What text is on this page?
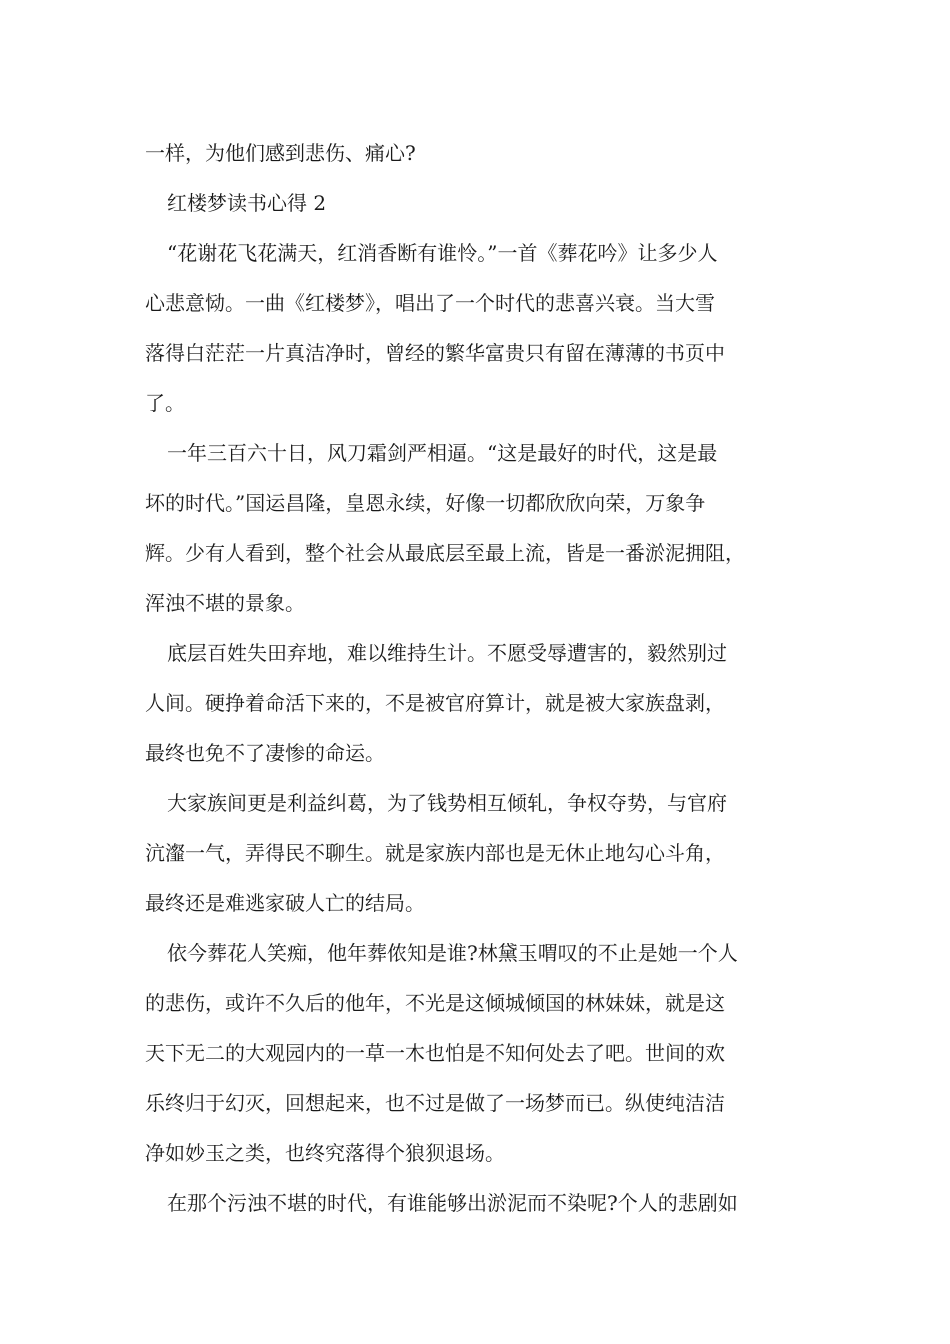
一样，为他们感到悲伤、痛心?
红楼梦读书心得 2
“花谢花飞花满天，红消香断有谁怜。”一首《葬花吟》让多少人
心悲意恸。一曲《红楼梦》，唱出了一个时代的悲喜兴衰。当大雪
落得白茫茫一片真洁净时，曾经的繁华富贵只有留在薄薄的书页中
了。
一年三百六十日，风刀霜剑严相逼。“这是最好的时代，这是最
坏的时代。”国运昌隆，皇恩永续，好像一切都欣欣向荣，万象争
辉。少有人看到，整个社会从最底层至最上流，皆是一番淤泥拥阻，
浑浊不堪的景象。
底层百姓失田弃地，难以维持生计。不愿受辱遭害的，毅然别过
人间。硬挣着命活下来的，不是被官府算计，就是被大家族盘剥，
最终也免不了凄惨的命运。
大家族间更是利益纠葛，为了钱势相互倾轧，争权夺势，与官府
沆瀣一气，弄得民不聊生。就是家族内部也是无休止地勾心斗角，
最终还是难逃家破人亡的结局。
依今葬花人笑痴，他年葬侬知是谁?林黛玉喟叹的不止是她一个人
的悲伤，或许不久后的他年，不光是这倾城倾国的林妹妹，就是这
天下无二的大观园内的一草一木也怕是不知何处去了吧。世间的欢
乐终归于幻灭，回想起来，也不过是做了一场梦而已。纵使纯洁洁
净如妙玉之类，也终究落得个狼狈退场。
在那个污浊不堪的时代，有谁能够出淤泥而不染呢?个人的悲剧如
